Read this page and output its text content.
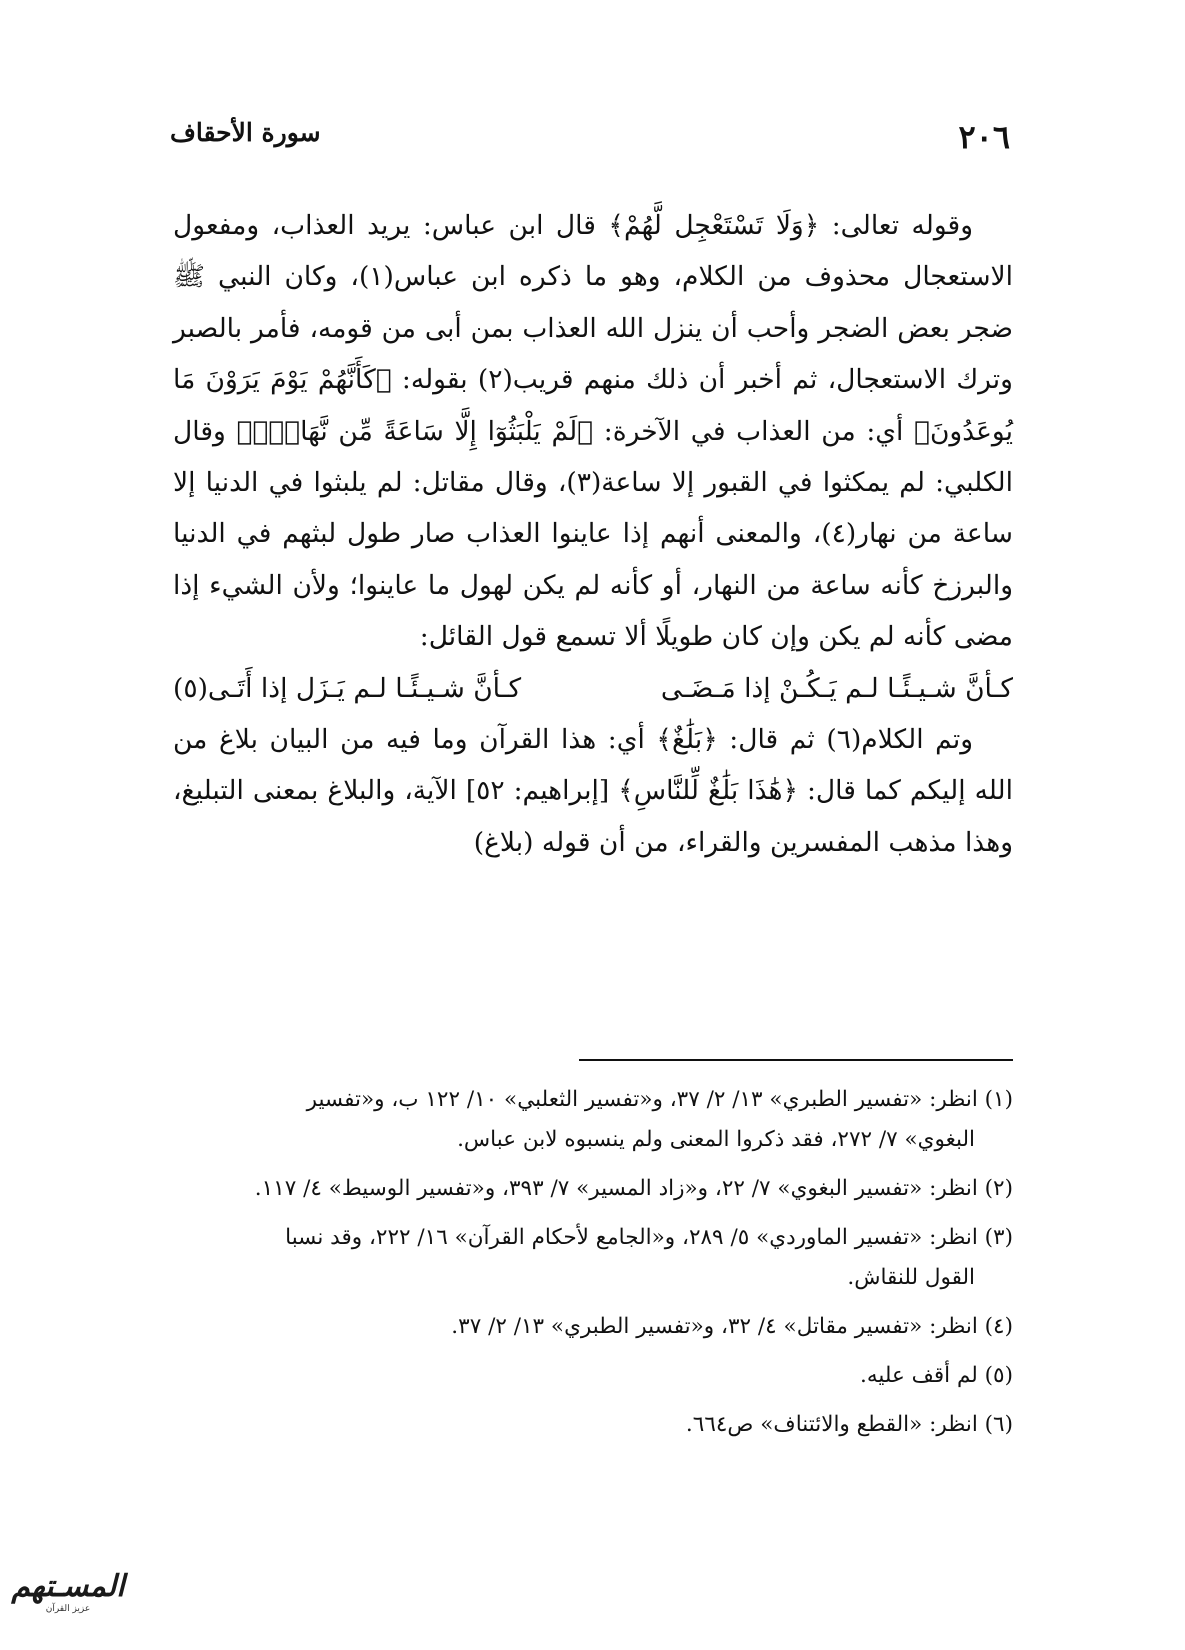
٢٠٦
سورة الأحقاف

وقوله تعالى: ﴿وَلَا تَسْتَعْجِل لَّهُمْ﴾ قال ابن عباس: يريد العذاب، ومفعول الاستعجال محذوف من الكلام، وهو ما ذكره ابن عباس(١)، وكان النبي ﷺ ضجر بعض الضجر وأحب أن ينزل الله العذاب بمن أبى من قومه، فأمر بالصبر وترك الاستعجال، ثم أخبر أن ذلك منهم قريب(٢) بقوله: ﴿كَأَنَّهُمْ يَوْمَ يَرَوْنَ مَا يُوعَدُونَ﴾ أي: من العذاب في الآخرة: ﴿لَمْ يَلْبَثُوٓا إِلَّا سَاعَةً مِّن نَّهَارٍۭ﴾ وقال الكلبي: لم يمكثوا في القبور إلا ساعة(٣)، وقال مقاتل: لم يلبثوا في الدنيا إلا ساعة من نهار(٤)، والمعنى أنهم إذا عاينوا العذاب صار طول لبثهم في الدنيا والبرزخ كأنه ساعة من النهار، أو كأنه لم يكن لهول ما عاينوا؛ ولأن الشيء إذا مضى كأنه لم يكن وإن كان طويلًا ألا تسمع قول القائل:

كـأنَّ شـيـئًـا لـم يَـكُـنْ إذا مَـضَـى
كـأنَّ شـيـئًـا لـم يَـزَل إذا أَتَـى(٥)

وتم الكلام(٦) ثم قال: ﴿بَلَٰغٌ﴾ أي: هذا القرآن وما فيه من البيان بلاغ من الله إليكم كما قال: ﴿هَٰذَا بَلَٰغٌ لِّلنَّاسِ﴾ [إبراهيم: ٥٢] الآية، والبلاغ بمعنى التبليغ، وهذا مذهب المفسرين والقراء، من أن قوله (بلاغ)

(١) انظر: «تفسير الطبري» ١٣/ ٢/ ٣٧، و«تفسير الثعلبي» ١٠/ ١٢٢ ب، و«تفسير
البغوي» ٧/ ٢٧٢، فقد ذكروا المعنى ولم ينسبوه لابن عباس.

(٢) انظر: «تفسير البغوي» ٧/ ٢٢، و«زاد المسير» ٧/ ٣٩٣، و«تفسير الوسيط» ٤/ ١١٧.

(٣) انظر: «تفسير الماوردي» ٥/ ٢٨٩، و«الجامع لأحكام القرآن» ١٦/ ٢٢٢، وقد نسبا
القول للنقاش.

(٤) انظر: «تفسير مقاتل» ٤/ ٣٢، و«تفسير الطبري» ١٣/ ٢/ ٣٧.

(٥) لم أقف عليه.

(٦) انظر: «القطع والائتناف» ص٦٦٤.

المسـتهم
عزيز القرآن
